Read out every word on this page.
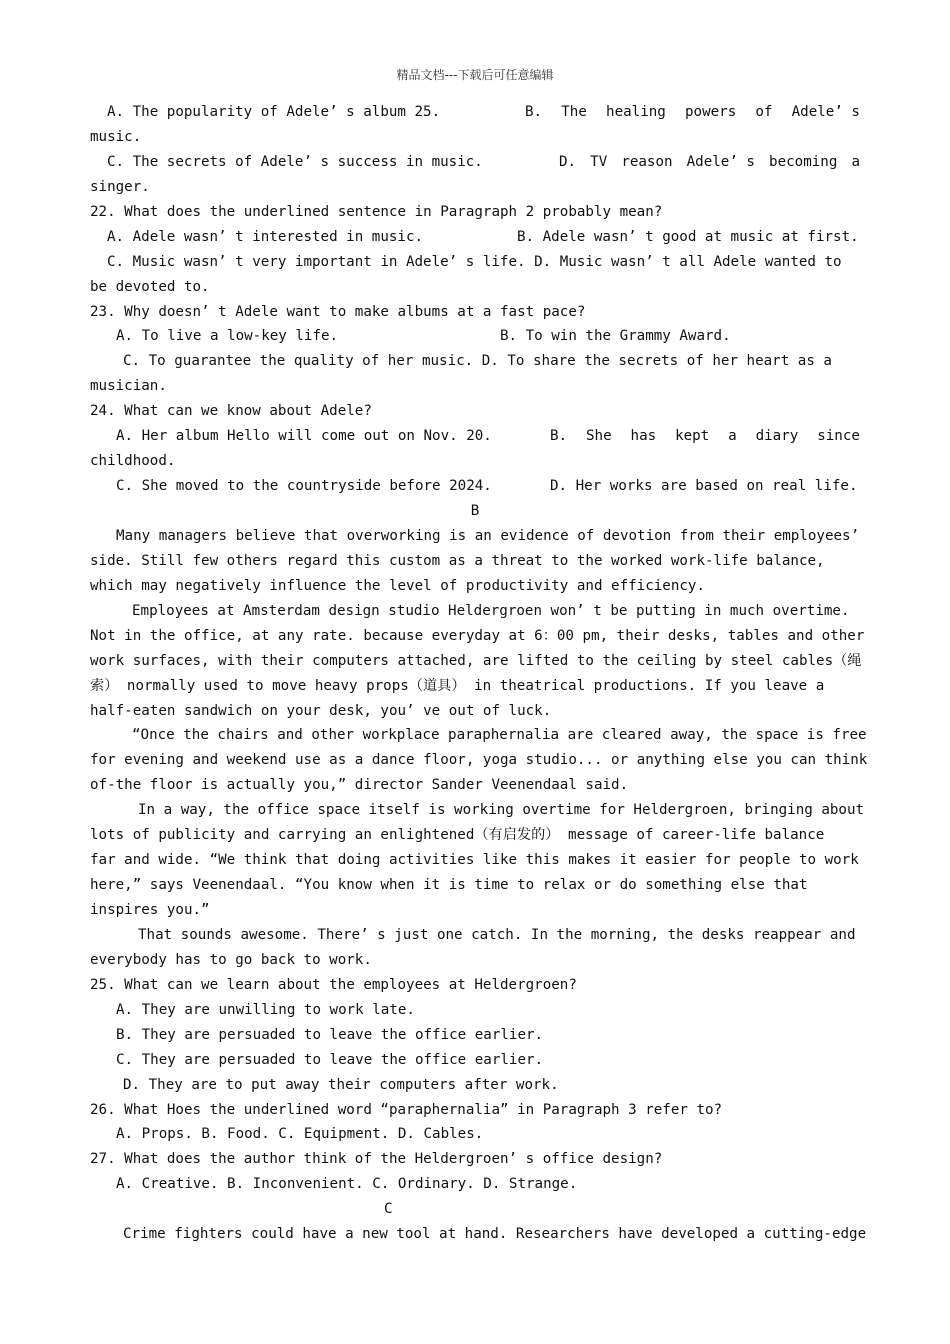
精品文档---下载后可任意编辑
A. The popularity of Adele’ s album 25.	B. The healing powers of Adele’ s
music.
C. The secrets of Adele’ s success in music.	D. TV reason Adele’ s becoming a
singer.
22. What does the underlined sentence in Paragraph 2 probably mean?
A. Adele wasn’ t interested in music.	B. Adele wasn’ t good at music at first.
C. Music wasn’ t very important in Adele’ s life. D. Music wasn’ t all Adele wanted to
be devoted to.
23. Why doesn’ t Adele want to make albums at a fast pace?
A. To live a low-key life.	B. To win the Grammy Award.
C. To guarantee the quality of her music. D. To share the secrets of her heart as a
musician.
24. What can we know about Adele?
A. Her album Hello will come out on Nov. 20.	B. She has kept a diary since
childhood.
C. She moved to the countryside before 2024.	D. Her works are based on real life.
B
Many managers believe that overworking is an evidence of devotion from their employees’
side. Still few others regard this custom as a threat to the worked work-life balance,
which may negatively influence the level of productivity and efficiency.
Employees at Amsterdam design studio Heldergroen won’ t be putting in much overtime.
Not in the office, at any rate. because everyday at 6：00 pm, their desks, tables and other
work surfaces, with their computers attached, are lifted to the ceiling by steel cables（绳
索） normally used to move heavy props（道具） in theatrical productions. If you leave a
half-eaten sandwich on your desk, you’ ve out of luck.
“Once the chairs and other workplace paraphernalia are cleared away, the space is free
for evening and weekend use as a dance floor, yoga studio... or anything else you can think
of-the floor is actually you,” director Sander Veenendaal said.
In a way, the office space itself is working overtime for Heldergroen, bringing about
lots of publicity and carrying an enlightened（有启发的） message of career-life balance
far and wide. “We think that doing activities like this makes it easier for people to work
here,” says Veenendaal. “You know when it is time to relax or do something else that
inspires you.”
That sounds awesome. There’ s just one catch. In the morning, the desks reappear and
everybody has to go back to work.
25. What can we learn about the employees at Heldergroen?
A. They are unwilling to work late.
B. They are persuaded to leave the office earlier.
C. They are persuaded to leave the office earlier.
D. They are to put away their computers after work.
26. What Hoes the underlined word “paraphernalia” in Paragraph 3 refer to?
A. Props. B. Food. C. Equipment. D. Cables.
27. What does the author think of the Heldergroen’ s office design?
A. Creative. B. Inconvenient. C. Ordinary. D. Strange.
C
Crime fighters could have a new tool at hand. Researchers have developed a cutting-edge
